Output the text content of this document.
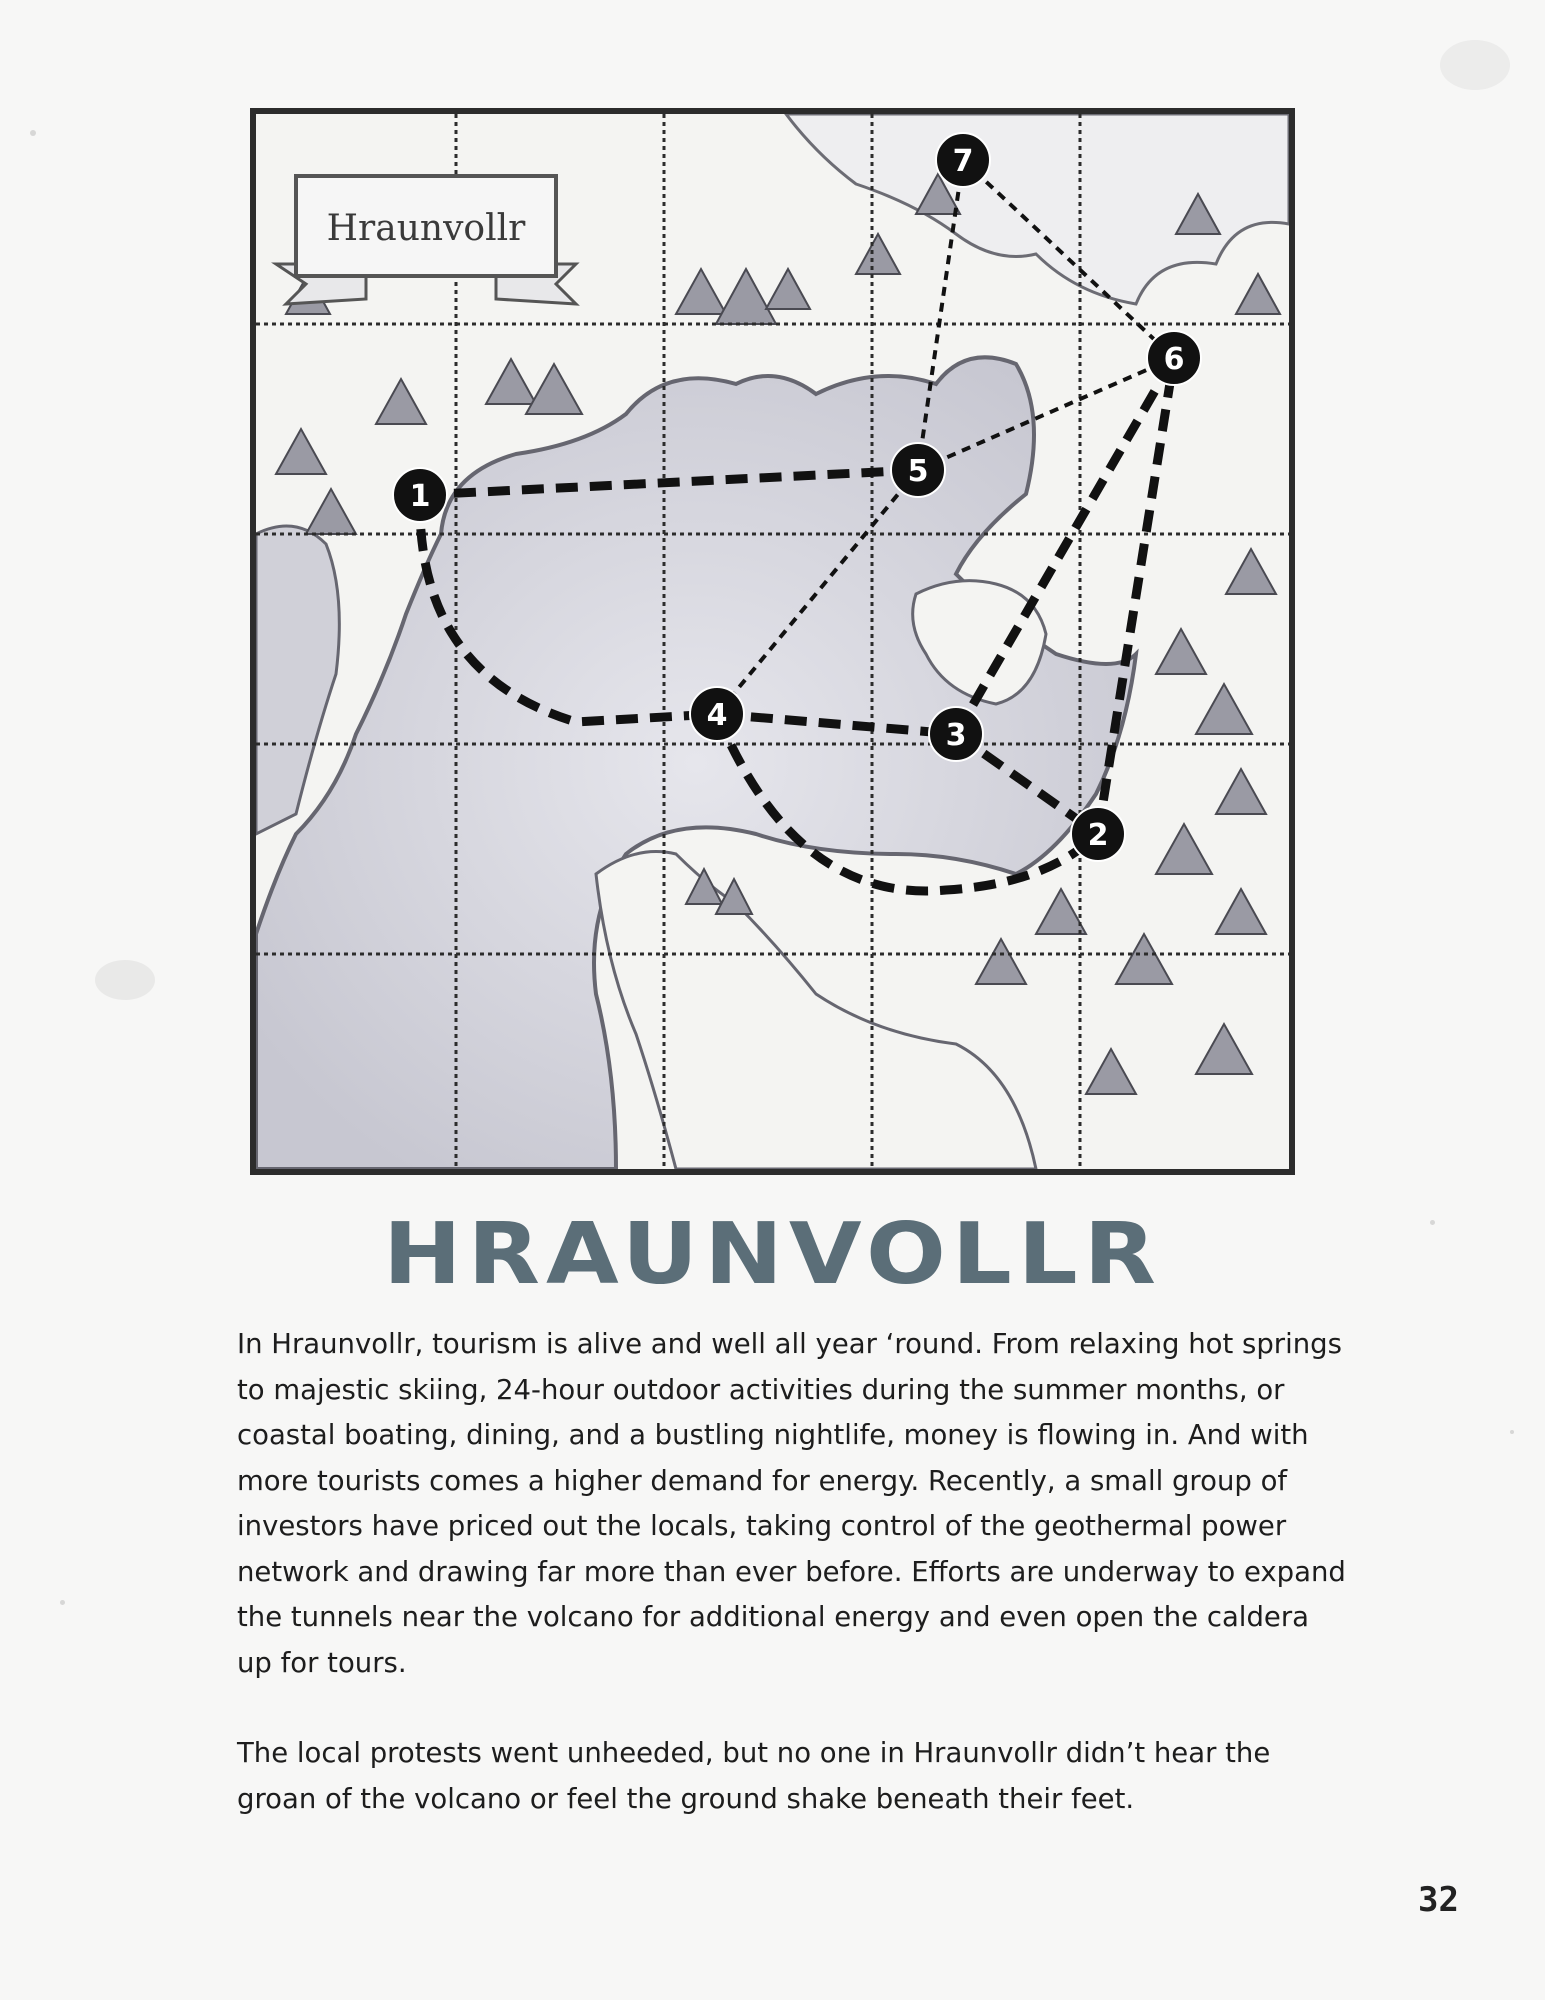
Hraunvollr
1
2
3
4
5
6
7
HRAUNVOLLR

In Hraunvollr, tourism is alive and well all year ‘round. From relaxing hot springs to majestic skiing, 24-hour outdoor activities during the summer months, or coastal boating, dining, and a bustling nightlife, money is flowing in. And with more tourists comes a higher demand for energy. Recently, a small group of investors have priced out the locals, taking control of the geothermal power network and drawing far more than ever before. Efforts are underway to expand the tunnels near the volcano for additional energy and even open the caldera up for tours.

The local protests went unheeded, but no one in Hraunvollr didn’t hear the groan of the volcano or feel the ground shake beneath their feet.

32
